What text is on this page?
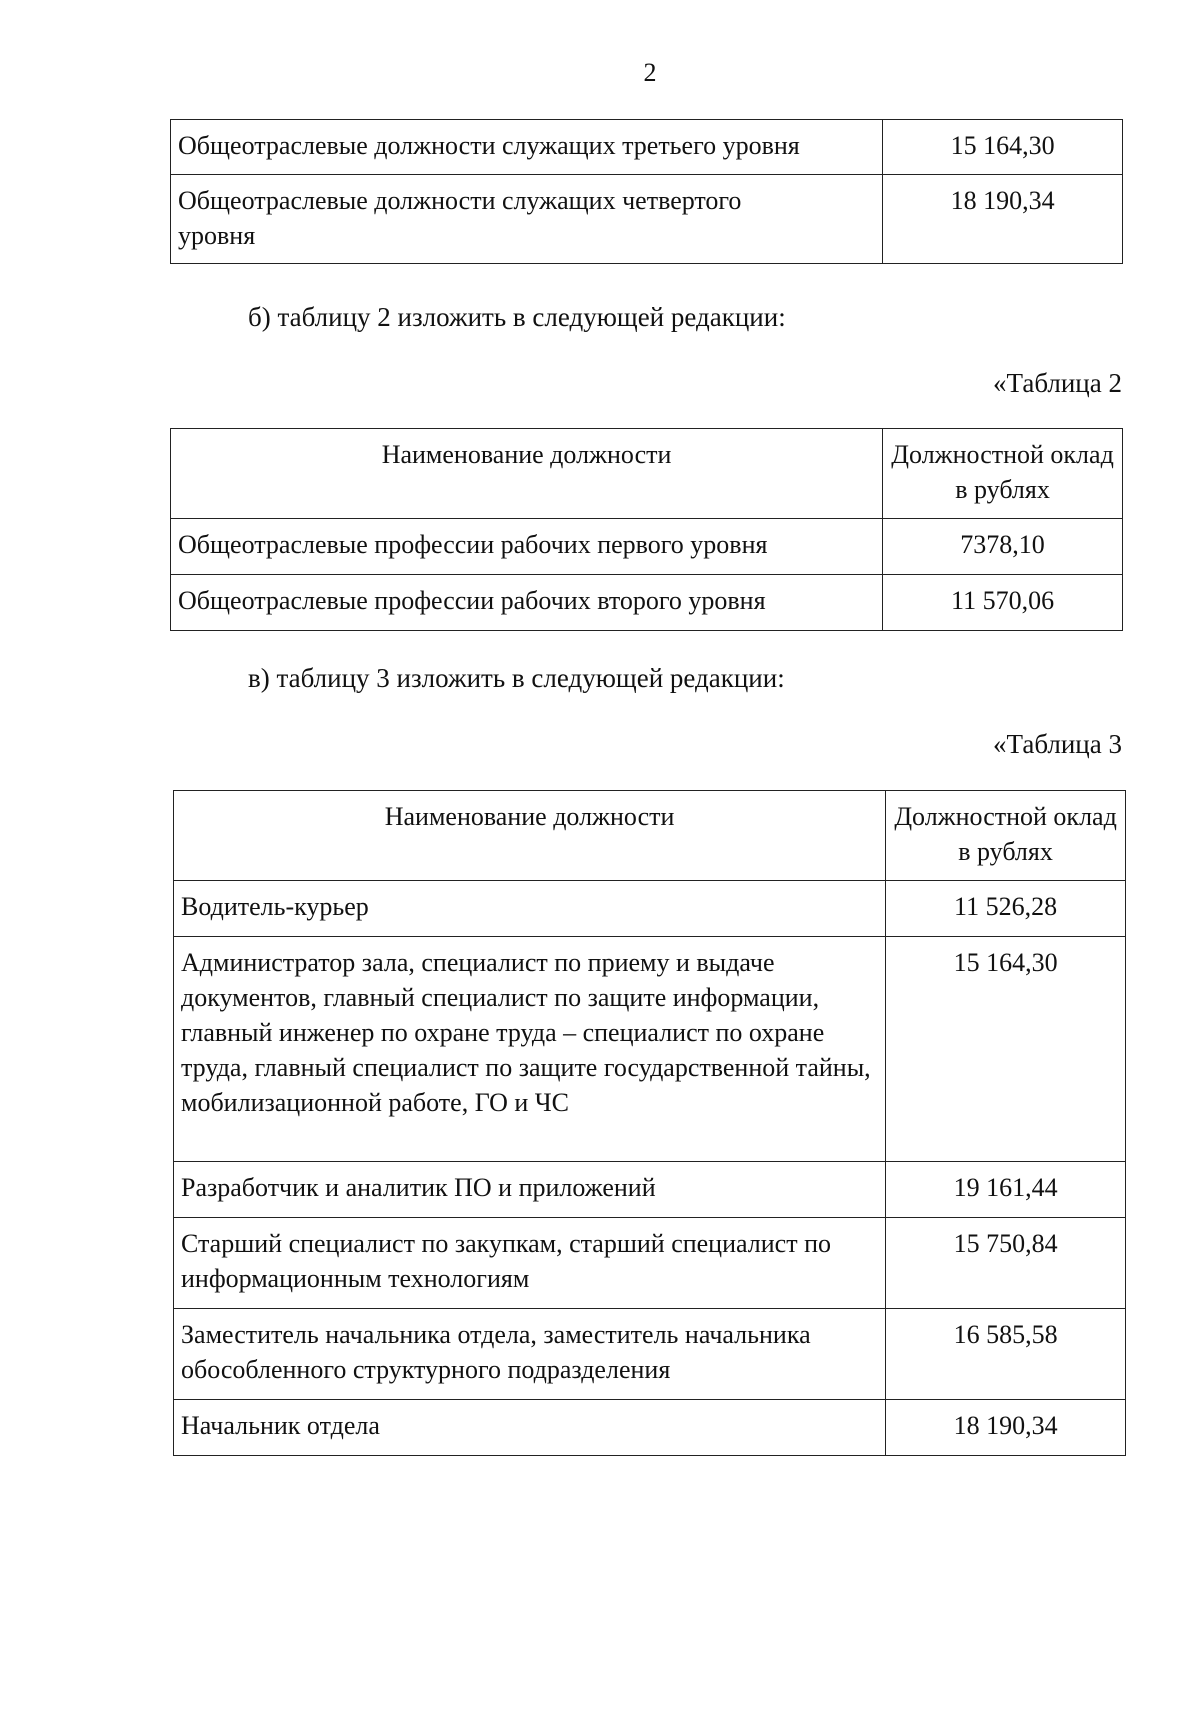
2
Общеотраслевые должности служащих третьего уровня	15 164,30
Общеотраслевые должности служащих четвертого уровня	18 190,34
б) таблицу 2 изложить в следующей редакции:
«Таблица 2
Наименование должности	Должностной оклад в рублях
Общеотраслевые профессии рабочих первого уровня	7378,10
Общеотраслевые профессии рабочих второго уровня	11 570,06
в) таблицу 3 изложить в следующей редакции:
«Таблица 3
Наименование должности	Должностной оклад в рублях
Водитель-курьер	11 526,28
Администратор зала, специалист по приему и выдаче документов, главный специалист по защите информации, главный инженер по охране труда – специалист по охране труда, главный специалист по защите государственной тайны, мобилизационной работе, ГО и ЧС	15 164,30
Разработчик и аналитик ПО и приложений	19 161,44
Старший специалист по закупкам, старший специалист по информационным технологиям	15 750,84
Заместитель начальника отдела, заместитель начальника обособленного структурного подразделения	16 585,58
Начальник отдела	18 190,34
